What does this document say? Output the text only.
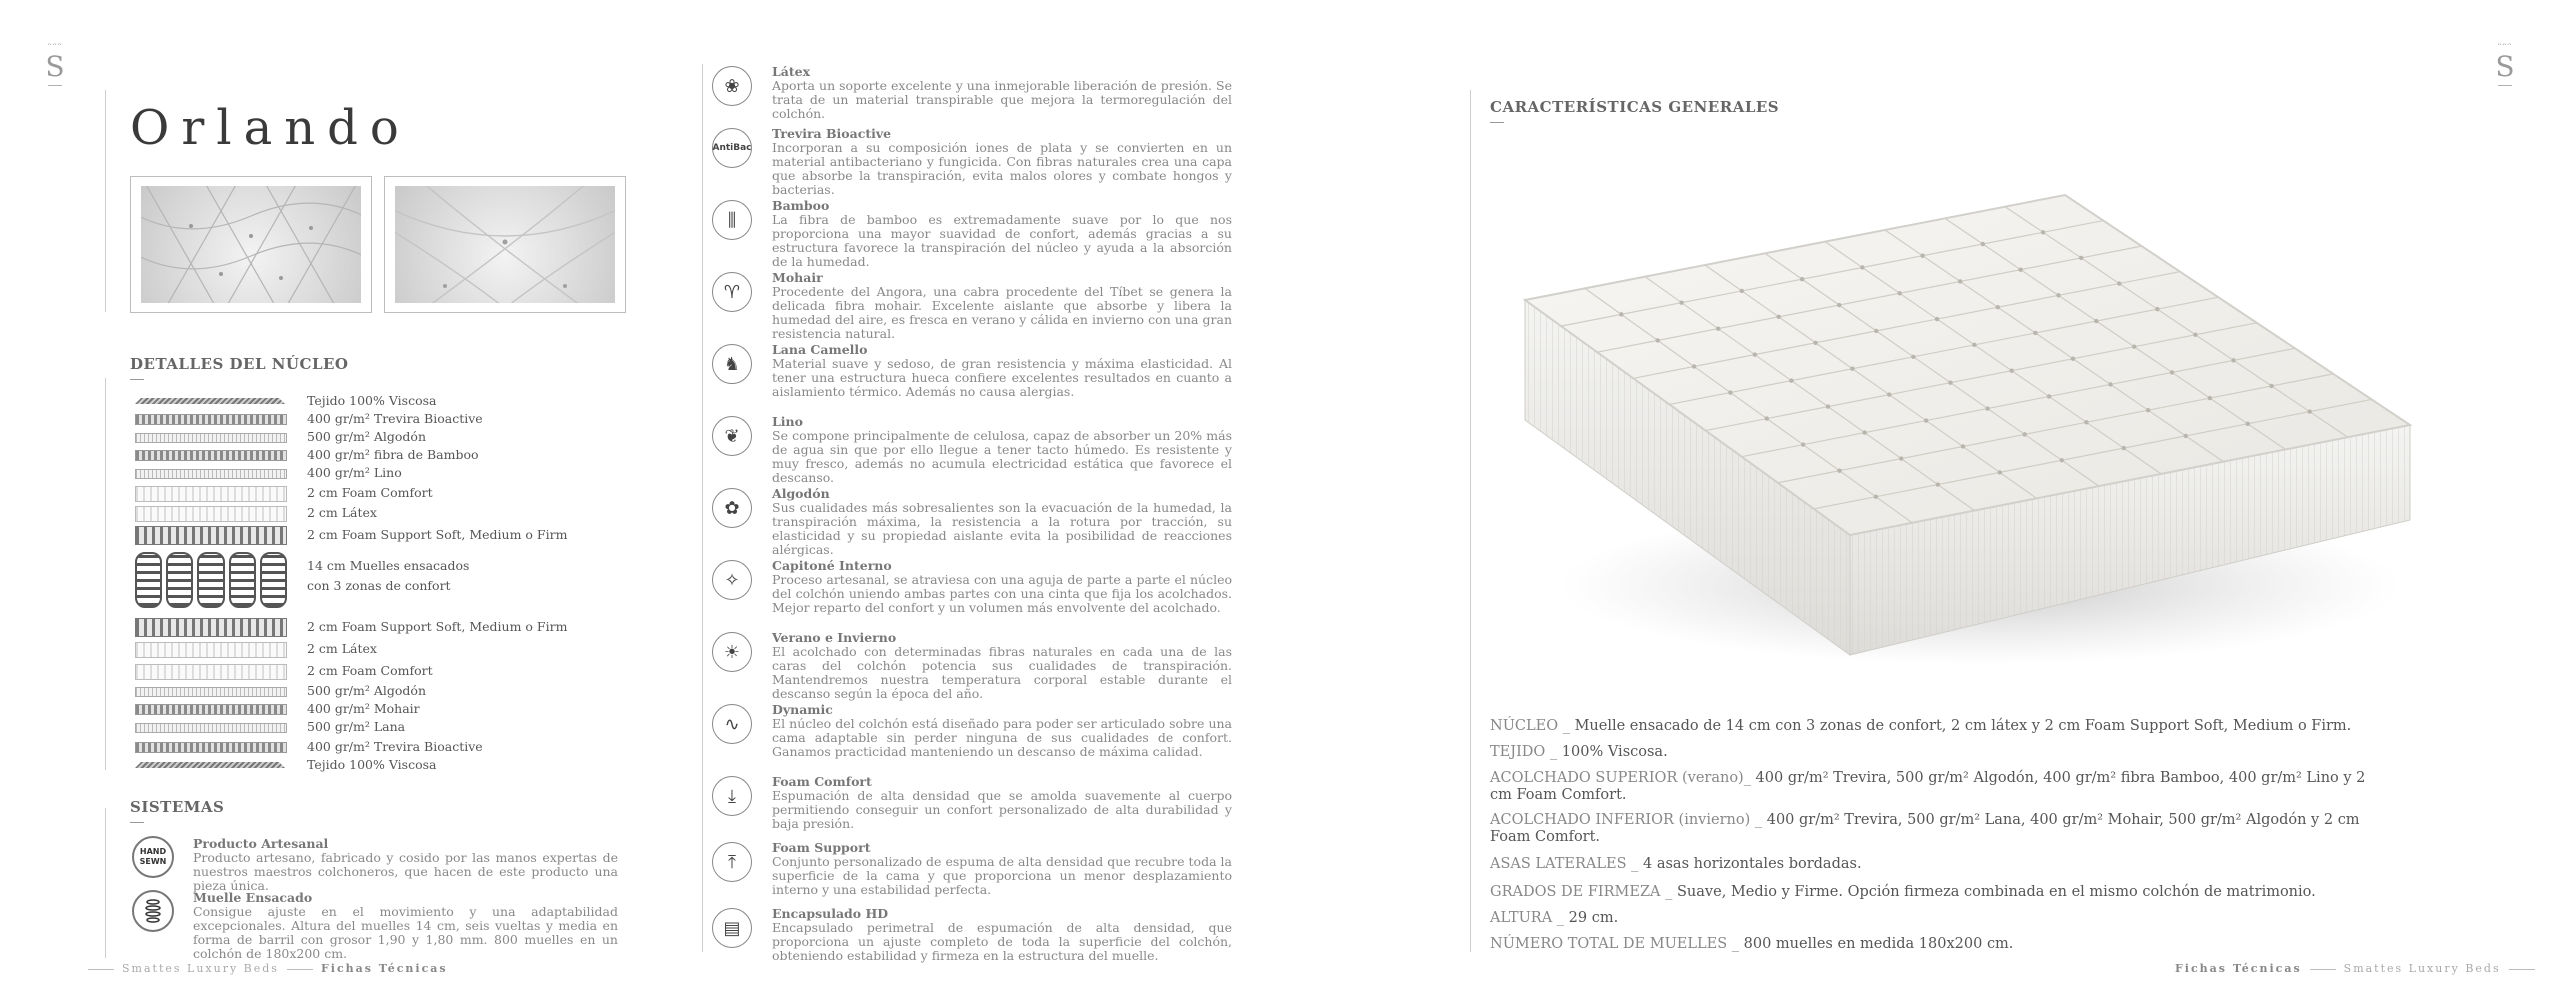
ᵔᵔᵔ
S
ᵔᵔᵔ
S
Orlando
DETALLES DEL NÚCLEO
Tejido 100% Viscosa
400 gr/m² Trevira Bioactive
500 gr/m² Algodón
400 gr/m² fibra de Bamboo
400 gr/m² Lino
2 cm Foam Comfort
2 cm Látex
2 cm Foam Support Soft, Medium o Firm
2 cm Foam Support Soft, Medium o Firm
2 cm Látex
2 cm Foam Comfort
500 gr/m² Algodón
400 gr/m² Mohair
500 gr/m² Lana
400 gr/m² Trevira Bioactive
Tejido 100% Viscosa
14 cm Muelles ensacados
con 3 zonas de confort
SISTEMAS
HAND
SEWN
Producto Artesanal
Producto artesano, fabricado y cosido por las manos expertas de nuestros maestros colchoneros, que hacen de este producto una pieza única.
Muelle Ensacado
Consigue ajuste en el movimiento y una adaptabilidad excepcionales. Altura del muelles 14 cm, seis vueltas y media en forma de barril con grosor 1,90 y 1,80 mm. 800 muelles en un colchón de 180x200 cm.
❀
Látex
Aporta un soporte excelente y una inmejorable liberación de presión. Se trata de un material transpirable que mejora la termoregulación del colchón.
AntiBac
Trevira Bioactive
Incorporan a su composición iones de plata y se convierten en un material antibacteriano y fungicida. Con fibras naturales crea una capa que absorbe la transpiración, evita malos olores y combate hongos y bacterias.
⫼
Bamboo
La fibra de bamboo es extremadamente suave por lo que nos proporciona una mayor suavidad de confort, además gracias a su estructura favorece la transpiración del núcleo y ayuda a la absorción de la humedad.
♈
Mohair
Procedente del Angora, una cabra procedente del Tíbet se genera la delicada fibra mohair. Excelente aislante que absorbe y libera la humedad del aire, es fresca en verano y cálida en invierno con una gran resistencia natural.
♞
Lana Camello
Material suave y sedoso, de gran resistencia y máxima elasticidad. Al tener una estructura hueca confiere excelentes resultados en cuanto a aislamiento térmico. Además no causa alergias.
❦
Lino
Se compone principalmente de celulosa, capaz de absorber un 20% más de agua sin que por ello llegue a tener tacto húmedo. Es resistente y muy fresco, además no acumula electricidad estática que favorece el descanso.
✿
Algodón
Sus cualidades más sobresalientes son la evacuación de la humedad, la transpiración máxima, la resistencia a la rotura por tracción, su elasticidad y su propiedad aislante evita la posibilidad de reacciones alérgicas.
✧
Capitoné Interno
Proceso artesanal, se atraviesa con una aguja de parte a parte el núcleo del colchón uniendo ambas partes con una cinta que fija los acolchados. Mejor reparto del confort y un volumen más envolvente del acolchado.
☀
Verano e Invierno
El acolchado con determinadas fibras naturales en cada una de las caras del colchón potencia sus cualidades de transpiración. Mantendremos nuestra temperatura corporal estable durante el descanso según la época del año.
∿
Dynamic
El núcleo del colchón está diseñado para poder ser articulado sobre una cama adaptable sin perder ninguna de sus cualidades de confort. Ganamos practicidad manteniendo un descanso de máxima calidad.
⤓
Foam Comfort
Espumación de alta densidad que se amolda suavemente al cuerpo permitiendo conseguir un confort personalizado de alta durabilidad y baja presión.
⤒
Foam Support
Conjunto personalizado de espuma de alta densidad que recubre toda la superficie de la cama y que proporciona un menor desplazamiento interno y una estabilidad perfecta.
▤
Encapsulado HD
Encapsulado perimetral de espumación de alta densidad, que proporciona un ajuste completo de toda la superficie del colchón, obteniendo estabilidad y firmeza en la estructura del muelle.
CARACTERÍSTICAS GENERALES
NÚCLEO _ Muelle ensacado de 14 cm con 3 zonas de confort, 2 cm látex y 2 cm Foam Support Soft, Medium o Firm.
TEJIDO _ 100% Viscosa.
ACOLCHADO SUPERIOR (verano)_ 400 gr/m² Trevira, 500 gr/m² Algodón, 400 gr/m² fibra Bamboo, 400 gr/m² Lino y 2 cm Foam Comfort.
ACOLCHADO INFERIOR (invierno) _ 400 gr/m² Trevira, 500 gr/m² Lana, 400 gr/m² Mohair, 500 gr/m² Algodón y 2 cm Foam Comfort.
ASAS LATERALES _ 4 asas horizontales bordadas.
GRADOS DE FIRMEZA _ Suave, Medio y Firme. Opción firmeza combinada en el mismo colchón de matrimonio.
ALTURA _ 29 cm.
NÚMERO TOTAL DE MUELLES _ 800 muelles en medida 180x200 cm.
Smattes Luxury Beds	Fichas Técnicas	Fichas Técnicas	Smattes Luxury Beds
